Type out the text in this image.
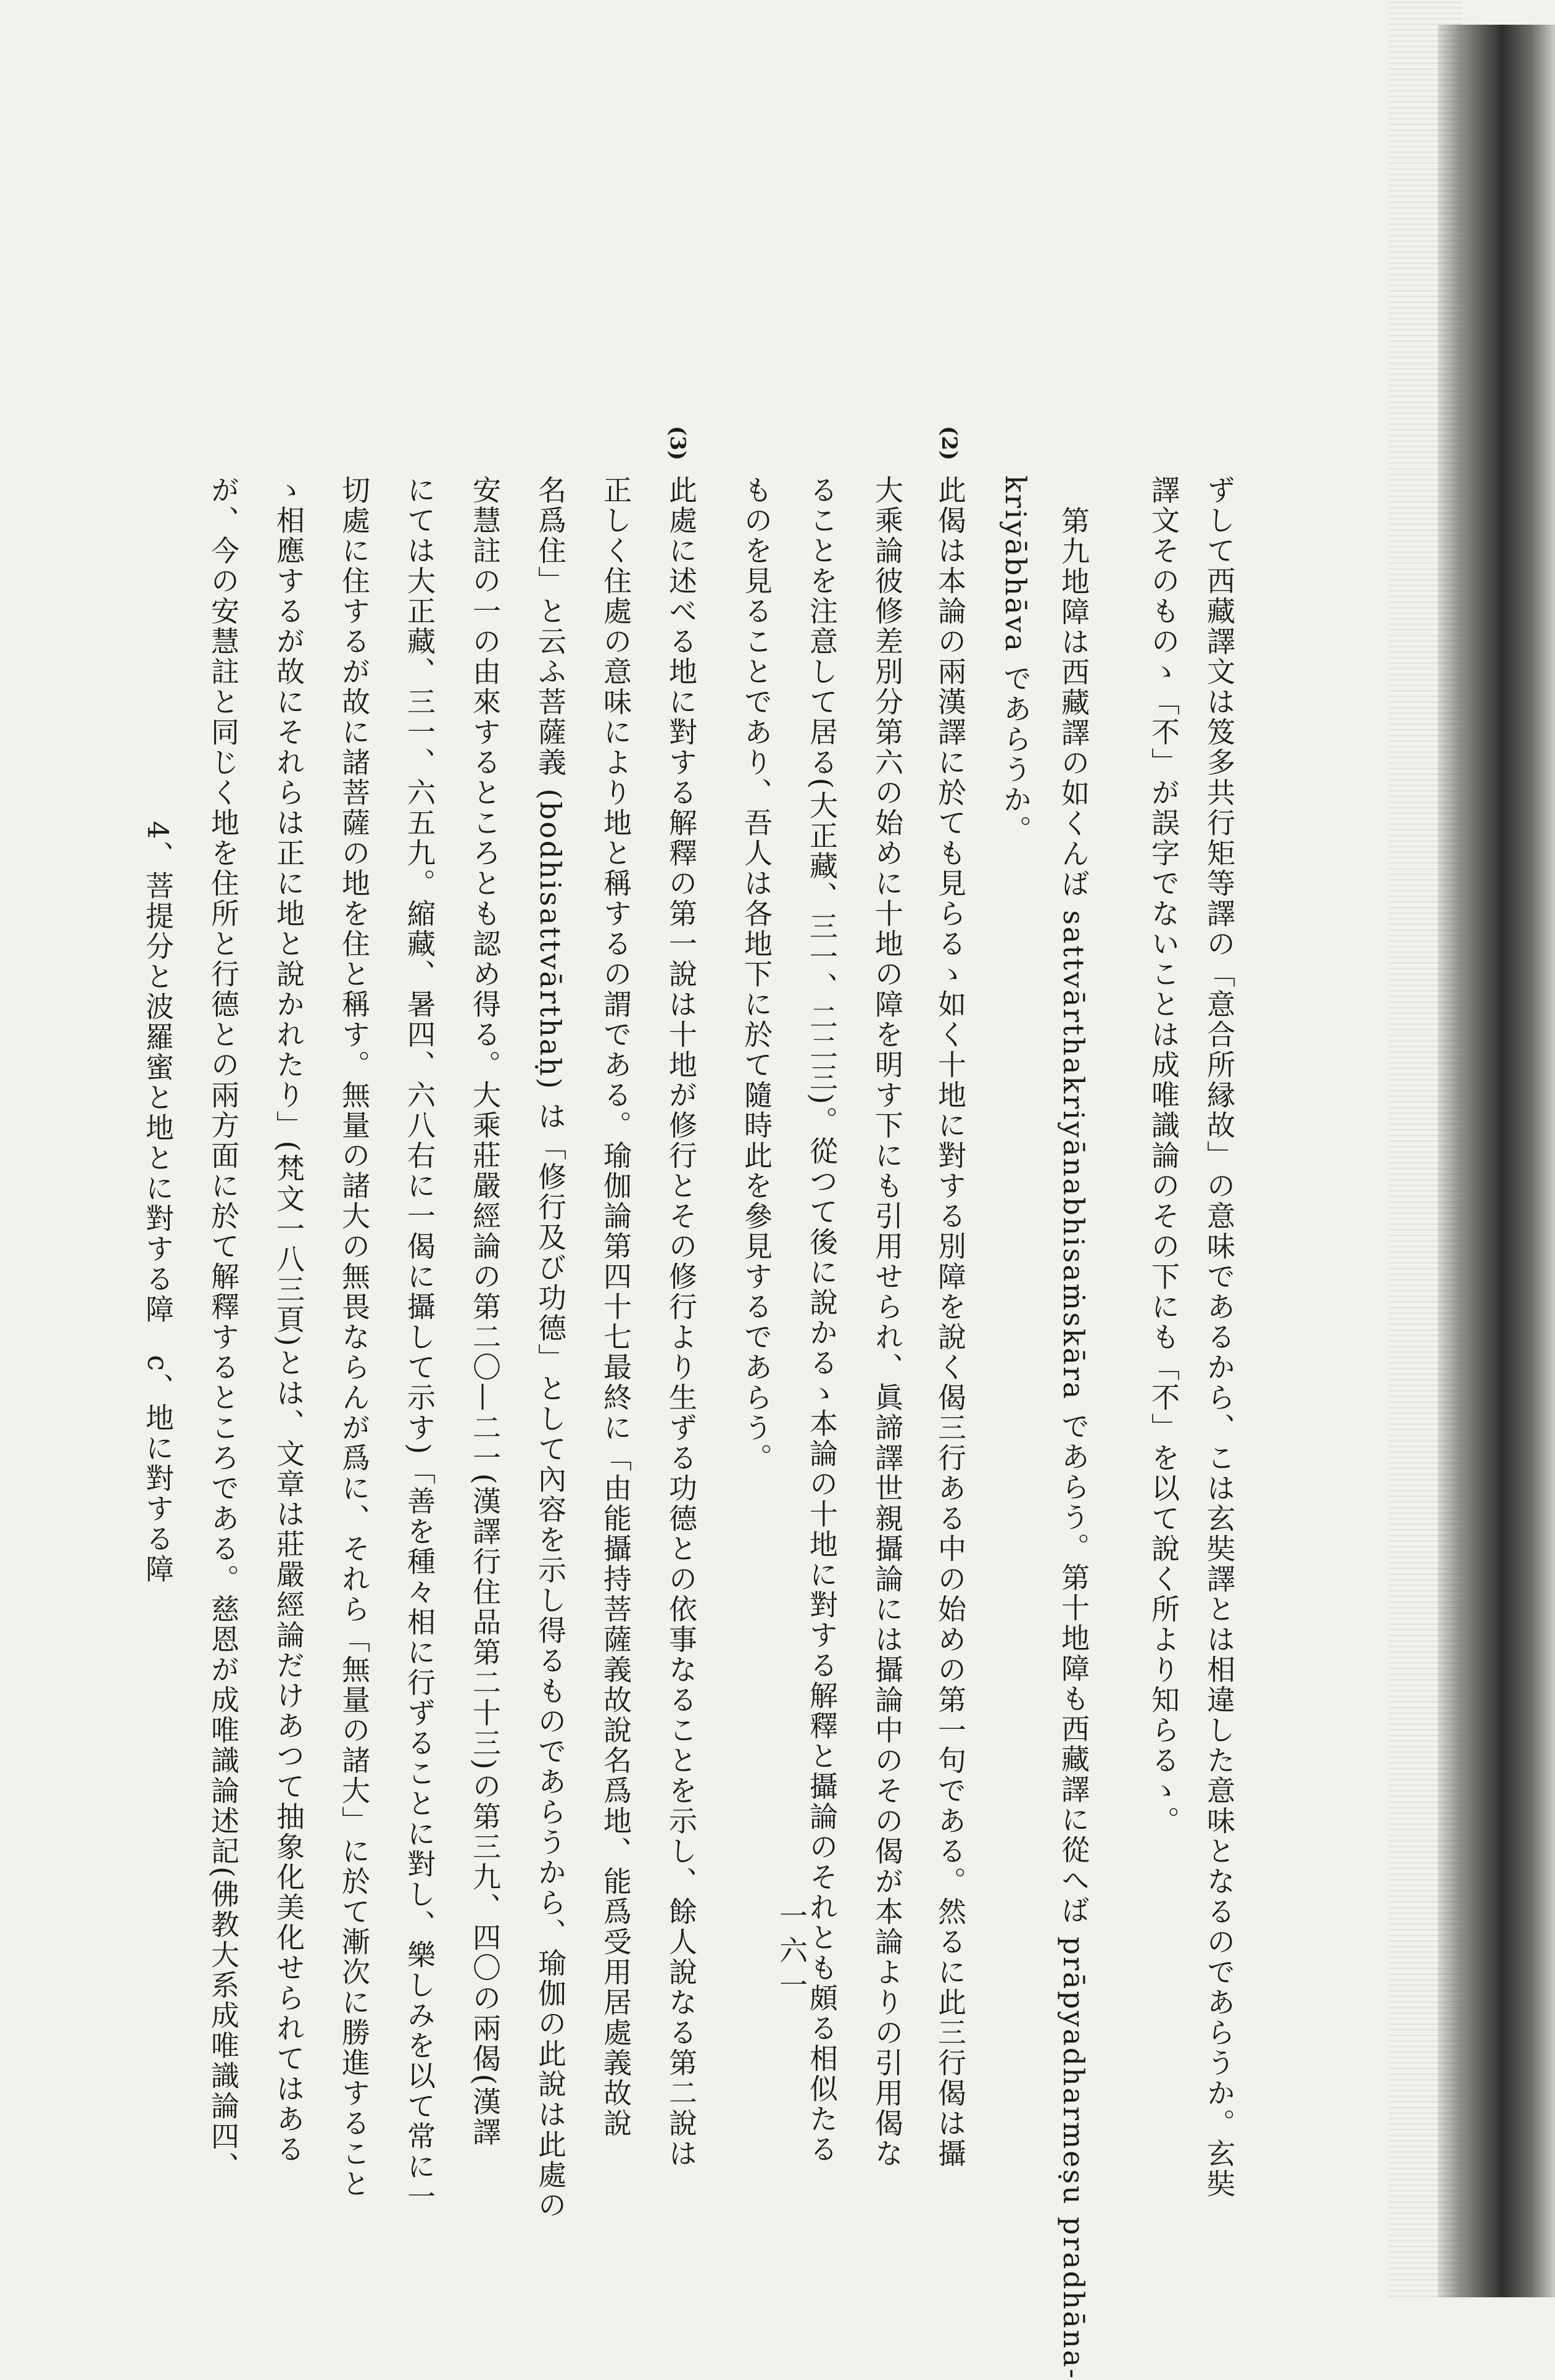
(2)
(3)
ずして西藏譯文は笈多共行矩等譯の「意合所縁故」の意味であるから、こは玄奘譯とは相違した意味となるのであらうか。玄奘
譯文そのものゝ「不」が誤字でないことは成唯識論のその下にも「不」を以て說く所より知らるゝ。
第九地障は西藏譯の如くんば sattvārthakriyānabhisaṁskāra であらう。第十地障も西藏譯に從へば prāpyadharmeṣu pradhāna-
kriyābhāva であらうか。
此偈は本論の兩漢譯に於ても見らるゝ如く十地に對する別障を說く偈三行ある中の始めの第一句である。然るに此三行偈は攝
大乘論彼修差別分第六の始めに十地の障を明す下にも引用せられ、眞諦譯世親攝論には攝論中のその偈が本論よりの引用偈な
ることを注意して居る(大正藏、三一、二二三)。從つて後に說かるゝ本論の十地に對する解釋と攝論のそれとも頗る相似たる
ものを見ることであり、吾人は各地下に於て隨時此を參見するであらう。
此處に述べる地に對する解釋の第一說は十地が修行とその修行より生ずる功德との依事なることを示し、餘人說なる第二說は
正しく住處の意味により地と稱するの謂である。瑜伽論第四十七最終に「由能攝持菩薩義故說名爲地、能爲受用居處義故說
名爲住」と云ふ菩薩義 (bodhisattvārthaḥ) は「修行及び功德」として內容を示し得るものであらうから、瑜伽の此說は此處の
安慧註の一の由來するところとも認め得る。大乘莊嚴經論の第二〇—二一(漢譯行住品第二十三)の第三九、四〇の兩偈(漢譯
にては大正藏、三一、六五九。縮藏、暑四、六八右に一偈に攝して示す)「善を種々相に行ずることに對し、樂しみを以て常に一
切處に住するが故に諸菩薩の地を住と稱す。無量の諸大の無畏ならんが爲に、それら「無量の諸大」に於て漸次に勝進すること
ゝ相應するが故にそれらは正に地と說かれたり」(梵文一八三頁)とは、文章は莊嚴經論だけあつて抽象化美化せられてはある
が、今の安慧註と同じく地を住所と行德との兩方面に於て解釋するところである。慈恩が成唯識論述記(佛教大系成唯識論四、
4、菩提分と波羅蜜と地とに對する障　c、地に對する障
一六一
